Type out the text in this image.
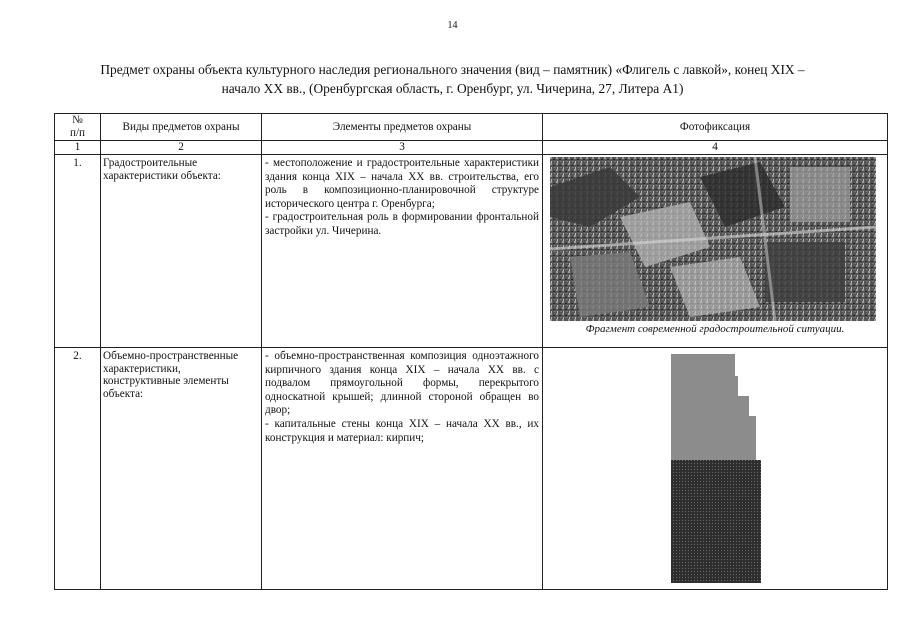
14
Предмет охраны объекта культурного наследия регионального значения (вид – памятник) «Флигель с лавкой», конец XIX –
начало XX вв., (Оренбургская область, г. Оренбург, ул. Чичерина, 27, Литера А1)
№ п/п	Виды предметов охраны	Элементы предметов охраны	Фотофиксация
1	2	3	4
1.	Градостроительные характеристики объекта:	- местоположение и градостроительные характеристики здания конца XIX – начала XX вв. строительства, его роль в композиционно-планировочной структуре исторического центра г. Оренбурга;
- градостроительная роль в формировании фронтальной застройки ул. Чичерина.	Фрагмент современной градостроительной ситуации.

2.	Объемно-пространственные характеристики, конструктивные элементы объекта:	- объемно-пространственная композиция одноэтажного кирпичного здания конца XIX – начала XX вв. с подвалом прямоугольной формы, перекрытого односкатной крышей; длинной стороной обращен во двор;
- капитальные стены конца XIX – начала XX вв., их конструкция и материал: кирпич;
